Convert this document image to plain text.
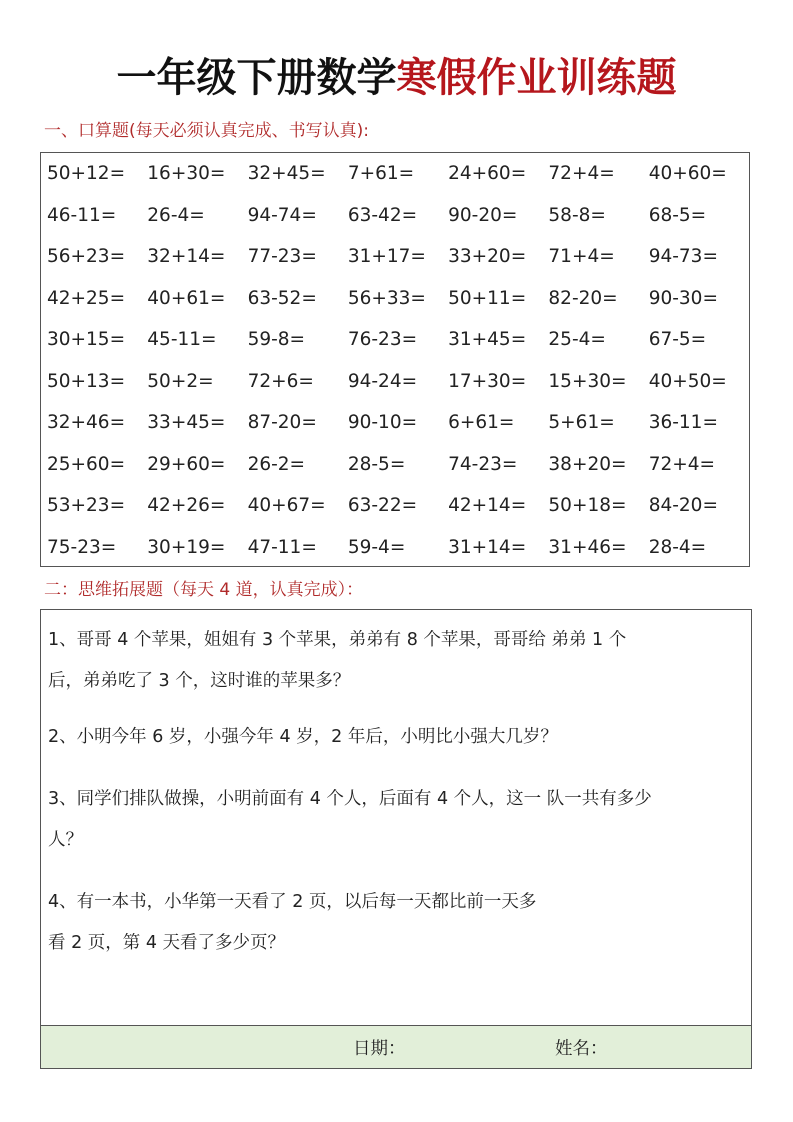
一年级下册数学寒假作业训练题
一、口算题(每天必须认真完成、书写认真):
50+12=	16+30=	32+45=	7+61=	24+60=	72+4=	40+60=
46-11=	26-4=	94-74=	63-42=	90-20=	58-8=	68-5=
56+23=	32+14=	77-23=	31+17=	33+20=	71+4=	94-73=
42+25=	40+61=	63-52=	56+33=	50+11=	82-20=	90-30=
30+15=	45-11=	59-8=	76-23=	31+45=	25-4=	67-5=
50+13=	50+2=	72+6=	94-24=	17+30=	15+30=	40+50=
32+46=	33+45=	87-20=	90-10=	6+61=	5+61=	36-11=
25+60=	29+60=	26-2=	28-5=	74-23=	38+20=	72+4=
53+23=	42+26=	40+67=	63-22=	42+14=	50+18=	84-20=
75-23=	30+19=	47-11=	59-4=	31+14=	31+46=	28-4=
二：思维拓展题（每天 4 道，认真完成）：
1、哥哥 4 个苹果，姐姐有 3 个苹果，弟弟有 8 个苹果，哥哥给 弟弟 1 个
后，弟弟吃了 3 个，这时谁的苹果多？
2、小明今年 6 岁，小强今年 4 岁，2 年后，小明比小强大几岁？
3、同学们排队做操，小明前面有 4 个人，后面有 4 个人，这一 队一共有多少
人？
4、有一本书，小华第一天看了 2 页，以后每一天都比前一天多
看 2 页，第 4 天看了多少页？
日期：	姓名：
